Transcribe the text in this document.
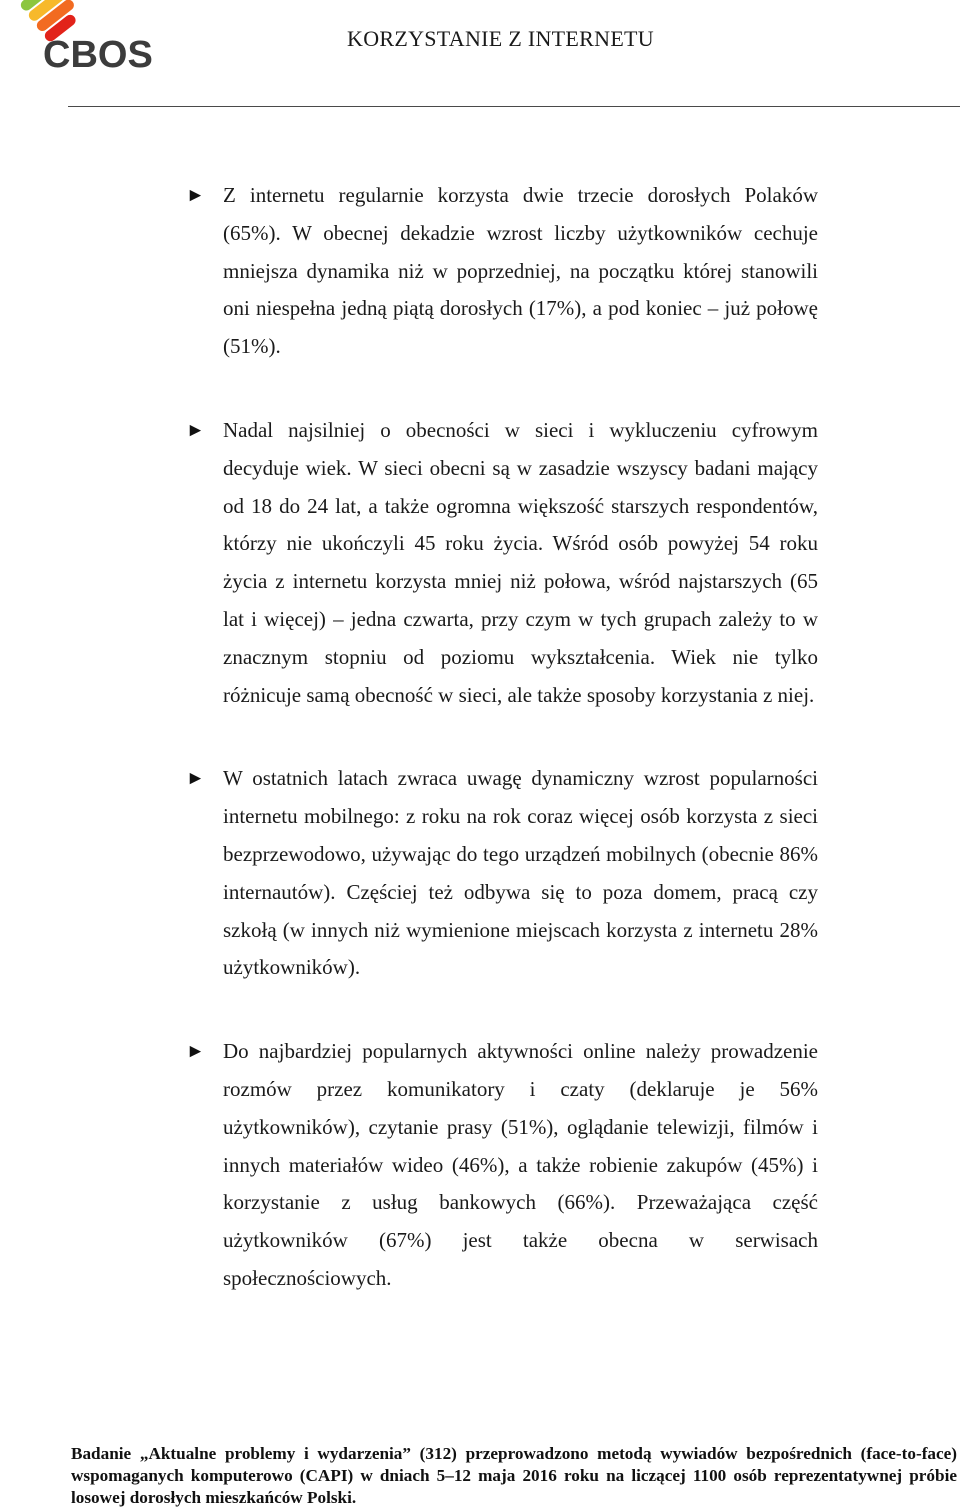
CBOS	KORZYSTANIE Z INTERNETU
► Z internetu regularnie korzysta dwie trzecie dorosłych Polaków (65%). W obecnej dekadzie wzrost liczby użytkowników cechuje mniejsza dynamika niż w poprzedniej, na początku której stanowili oni niespełna jedną piątą dorosłych (17%), a pod koniec – już połowę (51%).
► Nadal najsilniej o obecności w sieci i wykluczeniu cyfrowym decyduje wiek. W sieci obecni są w zasadzie wszyscy badani mający od 18 do 24 lat, a także ogromna większość starszych respondentów, którzy nie ukończyli 45 roku życia. Wśród osób powyżej 54 roku życia z internetu korzysta mniej niż połowa, wśród najstarszych (65 lat i więcej) – jedna czwarta, przy czym w tych grupach zależy to w znacznym stopniu od poziomu wykształcenia. Wiek nie tylko różnicuje samą obecność w sieci, ale także sposoby korzystania z niej.
► W ostatnich latach zwraca uwagę dynamiczny wzrost popularności internetu mobilnego: z roku na rok coraz więcej osób korzysta z sieci bezprzewodowo, używając do tego urządzeń mobilnych (obecnie 86% internautów). Częściej też odbywa się to poza domem, pracą czy szkołą (w innych niż wymienione miejscach korzysta z internetu 28% użytkowników).
► Do najbardziej popularnych aktywności online należy prowadzenie rozmów przez komunikatory i czaty (deklaruje je 56% użytkowników), czytanie prasy (51%), oglądanie telewizji, filmów i innych materiałów wideo (46%), a także robienie zakupów (45%) i korzystanie z usług bankowych (66%). Przeważająca część użytkowników (67%) jest także obecna w serwisach społecznościowych.
Badanie „Aktualne problemy i wydarzenia” (312) przeprowadzono metodą wywiadów bezpośrednich (face-to-face) wspomaganych komputerowo (CAPI) w dniach 5–12 maja 2016 roku na liczącej 1100 osób reprezentatywnej próbie losowej dorosłych mieszkańców Polski.
